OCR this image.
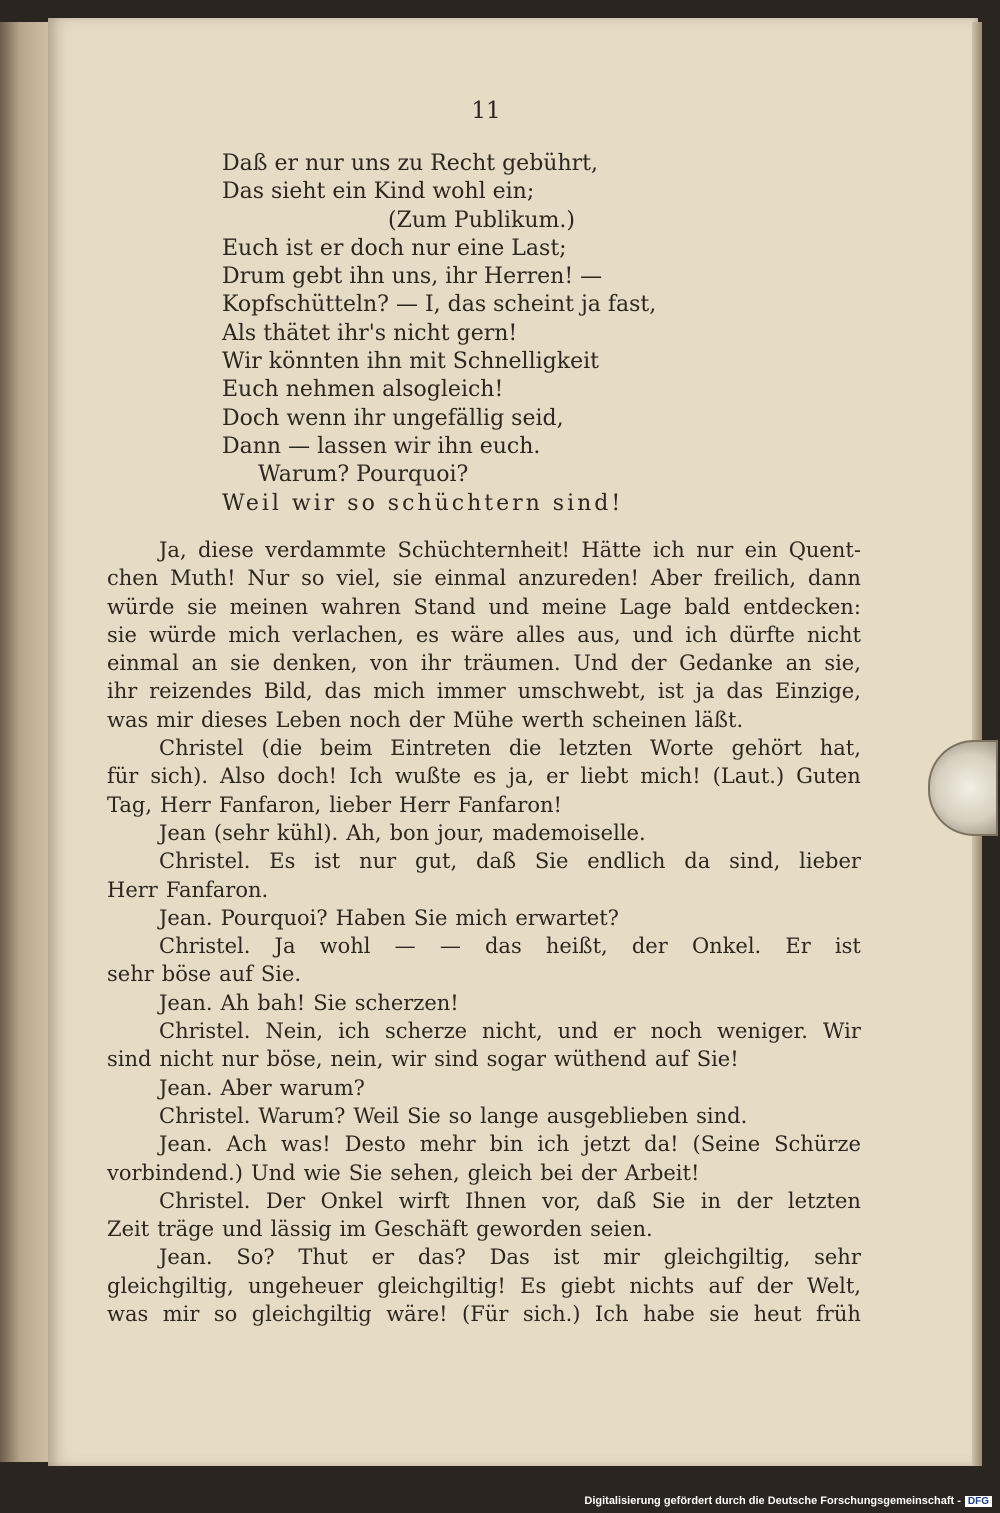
11
Daß er nur uns zu Recht gebührt,
Das sieht ein Kind wohl ein;
(Zum Publikum.)
Euch ist er doch nur eine Last;
Drum gebt ihn uns, ihr Herren! —
Kopfschütteln? — I, das scheint ja fast,
Als thätet ihr's nicht gern!
Wir könnten ihn mit Schnelligkeit
Euch nehmen alsogleich!
Doch wenn ihr ungefällig seid,
Dann — lassen wir ihn euch.
Warum? Pourquoi?
Weil wir so schüchtern sind!
Ja, diese verdammte Schüchternheit! Hätte ich nur ein Quent-
chen Muth! Nur so viel, sie einmal anzureden! Aber freilich, dann
würde sie meinen wahren Stand und meine Lage bald entdecken:
sie würde mich verlachen, es wäre alles aus, und ich dürfte nicht
einmal an sie denken, von ihr träumen. Und der Gedanke an sie,
ihr reizendes Bild, das mich immer umschwebt, ist ja das Einzige,
was mir dieses Leben noch der Mühe werth scheinen läßt.
Christel (die beim Eintreten die letzten Worte gehört hat,
für sich). Also doch! Ich wußte es ja, er liebt mich! (Laut.) Guten
Tag, Herr Fanfaron, lieber Herr Fanfaron!
Jean (sehr kühl). Ah, bon jour, mademoiselle.
Christel. Es ist nur gut, daß Sie endlich da sind, lieber
Herr Fanfaron.
Jean. Pourquoi? Haben Sie mich erwartet?
Christel. Ja wohl — — das heißt, der Onkel. Er ist
sehr böse auf Sie.
Jean. Ah bah! Sie scherzen!
Christel. Nein, ich scherze nicht, und er noch weniger. Wir
sind nicht nur böse, nein, wir sind sogar wüthend auf Sie!
Jean. Aber warum?
Christel. Warum? Weil Sie so lange ausgeblieben sind.
Jean. Ach was! Desto mehr bin ich jetzt da! (Seine Schürze
vorbindend.) Und wie Sie sehen, gleich bei der Arbeit!
Christel. Der Onkel wirft Ihnen vor, daß Sie in der letzten
Zeit träge und lässig im Geschäft geworden seien.
Jean. So? Thut er das? Das ist mir gleichgiltig, sehr
gleichgiltig, ungeheuer gleichgiltig! Es giebt nichts auf der Welt,
was mir so gleichgiltig wäre! (Für sich.) Ich habe sie heut früh
Digitalisierung gefördert durch die Deutsche Forschungsgemeinschaft - DFG
